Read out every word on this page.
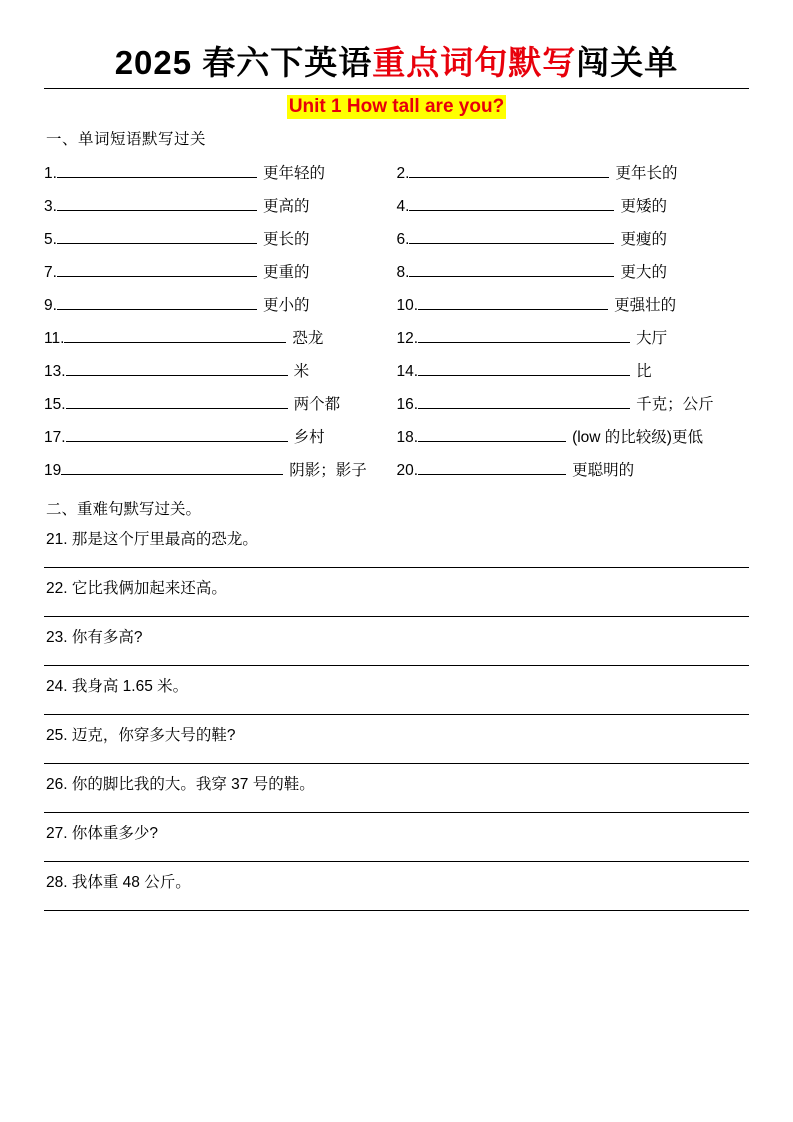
2025 春六下英语重点词句默写闯关单
Unit 1 How tall are you?
一、单词短语默写过关
1. 更年轻的	2. 更年长的
3. 更高的	4. 更矮的
5. 更长的	6. 更瘦的
7. 更重的	8. 更大的
9. 更小的	10. 更强壮的
11. 恐龙	12. 大厅
13. 米	14. 比
15. 两个都	16. 千克；公斤
17. 乡村	18. (low 的比较级)更低
19 阴影；影子	20. 更聪明的
二、重难句默写过关。
21. 那是这个厅里最高的恐龙。
22. 它比我俩加起来还高。
23. 你有多高?
24. 我身高 1.65 米。
25. 迈克，你穿多大号的鞋?
26. 你的脚比我的大。我穿 37 号的鞋。
27. 你体重多少?
28. 我体重 48 公斤。
